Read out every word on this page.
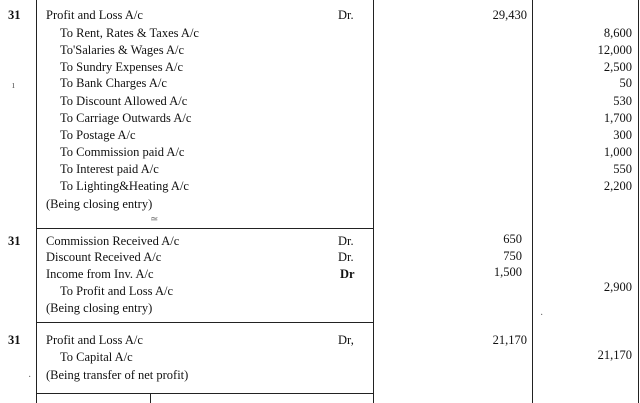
31 Profit and Loss A/c	Dr.	29,430
To Rent, Rates & Taxes A/c	8,600
To'Salaries & Wages A/c	12,000
To Sundry Expenses A/c	2,500
To Bank Charges A/c	50
To Discount Allowed A/c	530
To Carriage Outwards A/c	1,700
To Postage A/c	300
To Commission paid A/c	1,000
To Interest paid A/c	550
To Lighting&Heating A/c	2,200
(Being closing entry)
31 Commission Received A/c	Dr.	650
Discount Received A/c	Dr.	750
Income from Inv. A/c	Dr	1,500
To Profit and Loss A/c	2,900
(Being closing entry)
31 Profit and Loss A/c	Dr,	21,170
To Capital A/c	21,170
(Being transfer of net profit)
ı
≃
·
·
